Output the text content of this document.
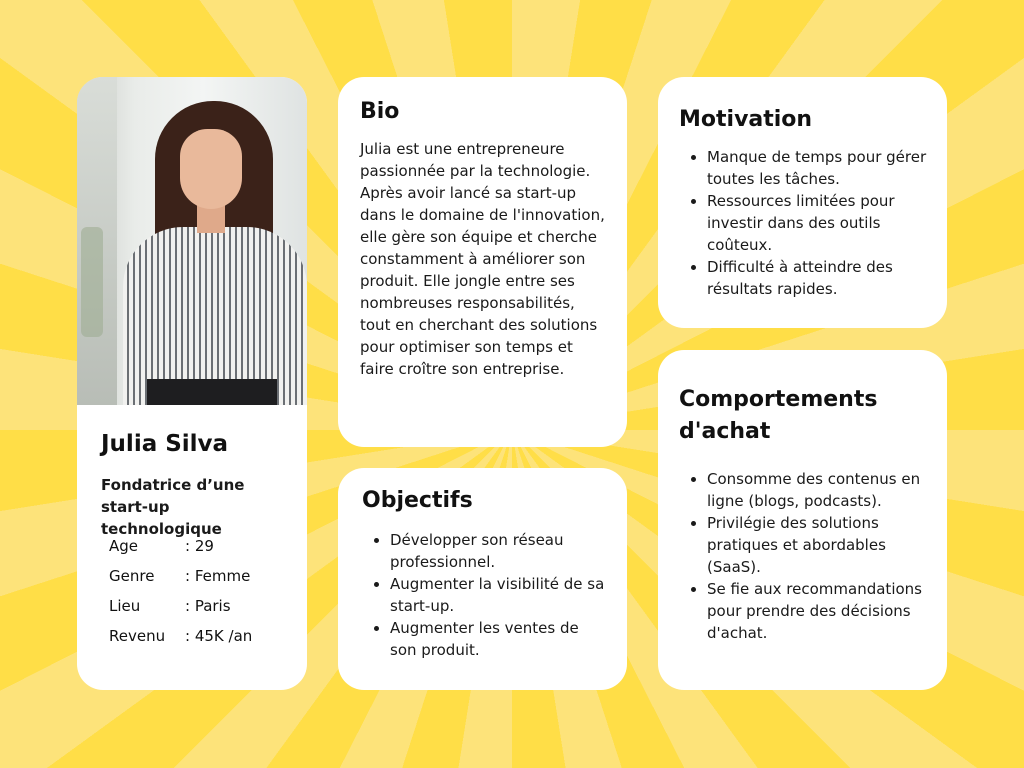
Julia Silva

Fondatrice d’une start-up technologique

Age	: 29
Genre	: Femme
Lieu	: Paris
Revenu	: 45K /an
Bio

Julia est une entrepreneure passionnée par la technologie. Après avoir lancé sa start-up dans le domaine de l'innovation, elle gère son équipe et cherche constamment à améliorer son produit. Elle jongle entre ses nombreuses responsabilités, tout en cherchant des solutions pour optimiser son temps et faire croître son entreprise.

Objectifs
• Développer son réseau professionnel.
• Augmenter la visibilité de sa start-up.
• Augmenter les ventes de son produit.
Motivation
• Manque de temps pour gérer toutes les tâches.
• Ressources limitées pour investir dans des outils coûteux.
• Difficulté à atteindre des résultats rapides.
Comportements d'achat
• Consomme des contenus en ligne (blogs, podcasts).
• Privilégie des solutions pratiques et abordables (SaaS).
• Se fie aux recommandations pour prendre des décisions d'achat.
